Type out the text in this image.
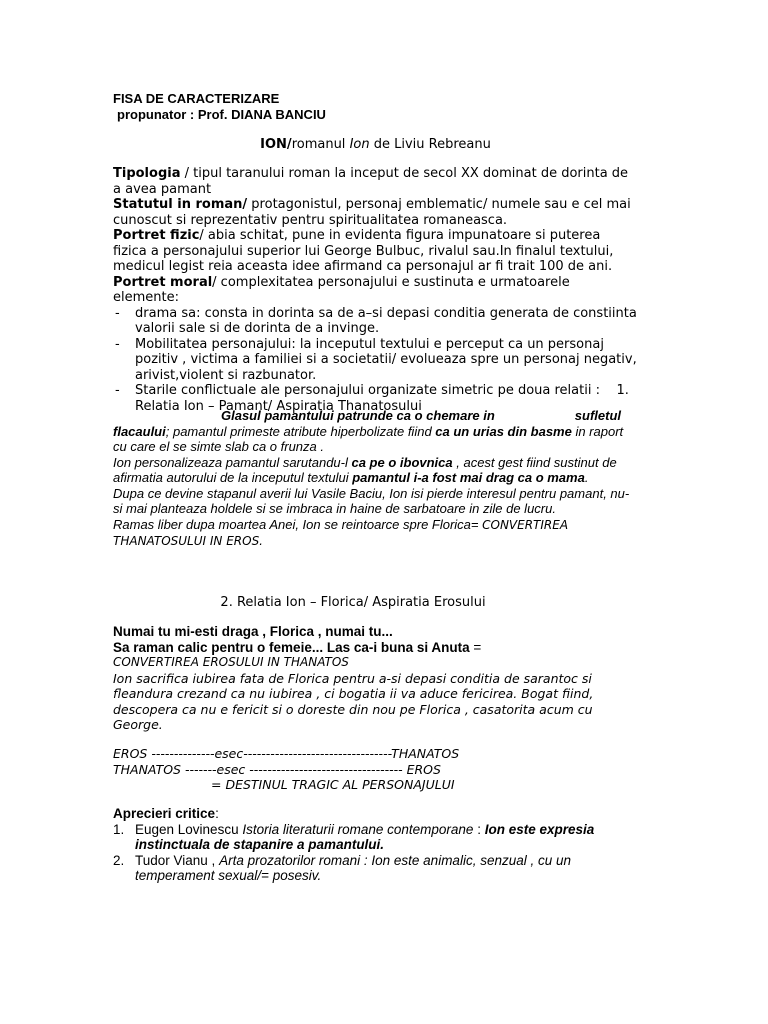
FISA DE CARACTERIZARE
propunator : Prof. DIANA BANCIU
ION/romanul Ion de Liviu Rebreanu
Tipologia / tipul taranului roman la inceput de secol XX dominat de dorinta de a avea pamant
Statutul in roman/ protagonistul, personaj emblematic/ numele sau e cel mai cunoscut si reprezentativ pentru spiritualitatea romaneasca.
Portret fizic/ abia schitat, pune in evidenta figura impunatoare si puterea fizica a personajului superior lui George Bulbuc, rivalul sau.In finalul textului, medicul legist reia aceasta idee afirmand ca personajul ar fi trait 100 de ani.
Portret moral/ complexitatea personajului e sustinuta e urmatoarele elemente:
- drama sa: consta in dorinta sa de a–si depasi conditia generata de constiinta valorii sale si de dorinta de a invinge.
- Mobilitatea personajului: la inceputul textului e perceput ca un personaj pozitiv , victima a familiei si a societatii/ evolueaza spre un personaj negativ, arivist,violent si razbunator.
- Starile conflictuale ale personajului organizate simetric pe doua relatii : 1.
Relatia Ion – Pamant/ Aspiratia Thanatosului
Glasul pamantului patrunde ca o chemare in	sufletul flacaului; pamantul primeste atribute hiperbolizate fiind ca un urias din basme in raport cu care el se simte slab ca o frunza .
Ion personalizeaza pamantul sarutandu-l ca pe o ibovnica , acest gest fiind sustinut de afirmatia autorului de la inceputul textului pamantul i-a fost mai drag ca o mama.
Dupa ce devine stapanul averii lui Vasile Baciu, Ion isi pierde interesul pentru pamant, nu-si mai planteaza holdele si se imbraca in haine de sarbatoare in zile de lucru.
Ramas liber dupa moartea Anei, Ion se reintoarce spre Florica= CONVERTIREA THANATOSULUI IN EROS.
2. Relatia Ion – Florica/ Aspiratia Erosului
Numai tu mi-esti draga , Florica , numai tu...
Sa raman calic pentru o femeie... Las ca-i buna si Anuta =
CONVERTIREA EROSULUI IN THANATOS
Ion sacrifica iubirea fata de Florica pentru a-si depasi conditia de sarantoc si fleandura crezand ca nu iubirea , ci bogatia ii va aduce fericirea. Bogat fiind, descopera ca nu e fericit si o doreste din nou pe Florica , casatorita acum cu George.
EROS --------------esec---------------------------------THANATOS
THANATOS -------esec ---------------------------------- EROS
= DESTINUL TRAGIC AL PERSONAJULUI
Aprecieri critice:
1. Eugen Lovinescu Istoria literaturii romane contemporane : Ion este expresia instinctuala de stapanire a pamantului.
2. Tudor Vianu , Arta prozatorilor romani : Ion este animalic, senzual , cu un temperament sexual/= posesiv.
